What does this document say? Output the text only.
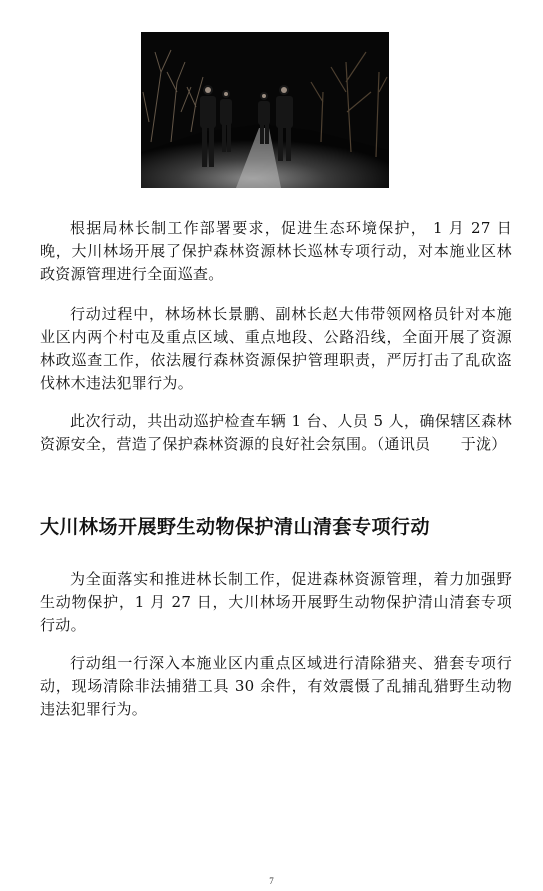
根据局林长制工作部署要求，促进生态环境保护， 1 月 27 日晚，大川林场开展了保护森林资源林长巡林专项行动，对本施业区林政资源管理进行全面巡查。

行动过程中，林场林长景鹏、副林长赵大伟带领网格员针对本施业区内两个村屯及重点区域、重点地段、公路沿线，全面开展了资源林政巡查工作，依法履行森林资源保护管理职责，严厉打击了乱砍盗伐林木违法犯罪行为。

此次行动，共出动巡护检查车辆 1 台、人员 5 人，确保辖区森林资源安全，营造了保护森林资源的良好社会氛围。（通讯员      于泷）

大川林场开展野生动物保护清山清套专项行动

为全面落实和推进林长制工作，促进森林资源管理，着力加强野生动物保护，1 月 27 日，大川林场开展野生动物保护清山清套专项行动。

行动组一行深入本施业区内重点区域进行清除猎夹、猎套专项行动，现场清除非法捕猎工具 30 余件，有效震慑了乱捕乱猎野生动物违法犯罪行为。

7
